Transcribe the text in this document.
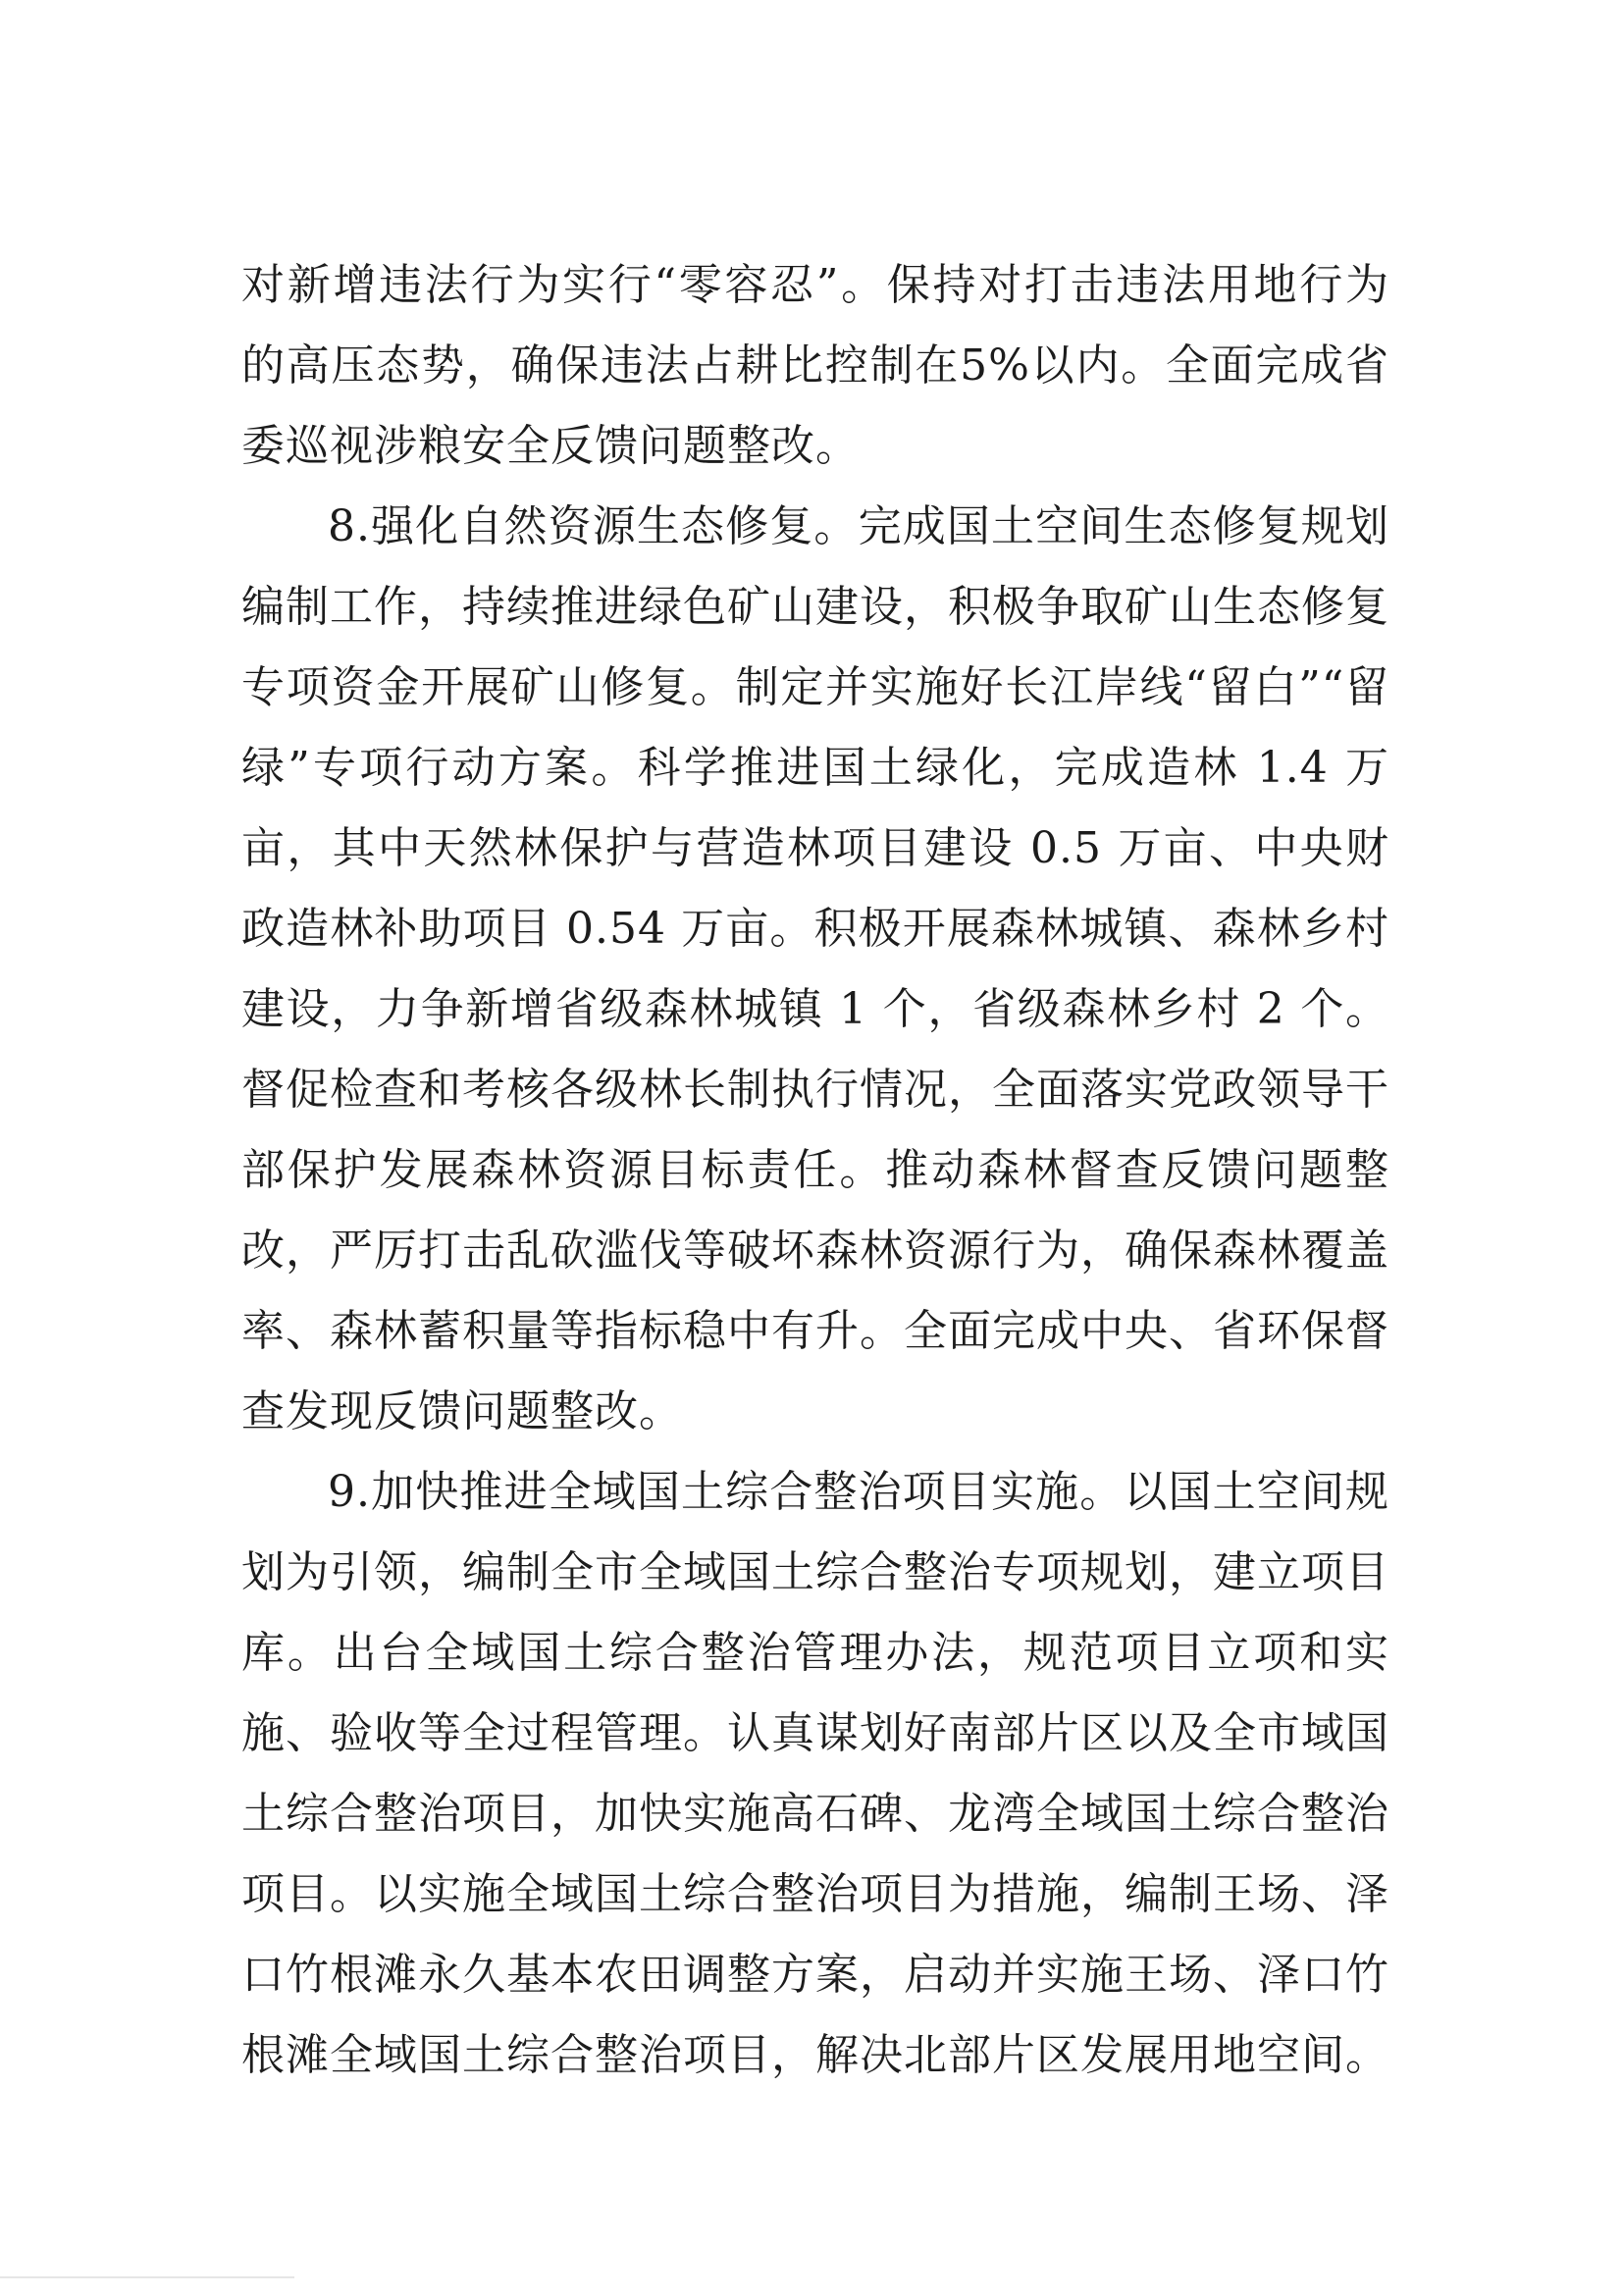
对新增违法行为实行“零容忍”。保持对打击违法用地行为的高压态势，确保违法占耕比控制在5%以内。全面完成省委巡视涉粮安全反馈问题整改。

8.强化自然资源生态修复。完成国土空间生态修复规划编制工作，持续推进绿色矿山建设，积极争取矿山生态修复专项资金开展矿山修复。制定并实施好长江岸线“留白”“留绿”专项行动方案。科学推进国土绿化，完成造林 1.4 万亩，其中天然林保护与营造林项目建设 0.5 万亩、中央财政造林补助项目 0.54 万亩。积极开展森林城镇、森林乡村建设，力争新增省级森林城镇 1 个，省级森林乡村 2 个。督促检查和考核各级林长制执行情况，全面落实党政领导干部保护发展森林资源目标责任。推动森林督查反馈问题整改，严厉打击乱砍滥伐等破坏森林资源行为，确保森林覆盖率、森林蓄积量等指标稳中有升。全面完成中央、省环保督查发现反馈问题整改。

9.加快推进全域国土综合整治项目实施。以国土空间规划为引领，编制全市全域国土综合整治专项规划，建立项目库。出台全域国土综合整治管理办法，规范项目立项和实施、验收等全过程管理。认真谋划好南部片区以及全市域国土综合整治项目，加快实施高石碑、龙湾全域国土综合整治项目。以实施全域国土综合整治项目为措施，编制王场、泽口竹根滩永久基本农田调整方案，启动并实施王场、泽口竹根滩全域国土综合整治项目，解决北部片区发展用地空间。
